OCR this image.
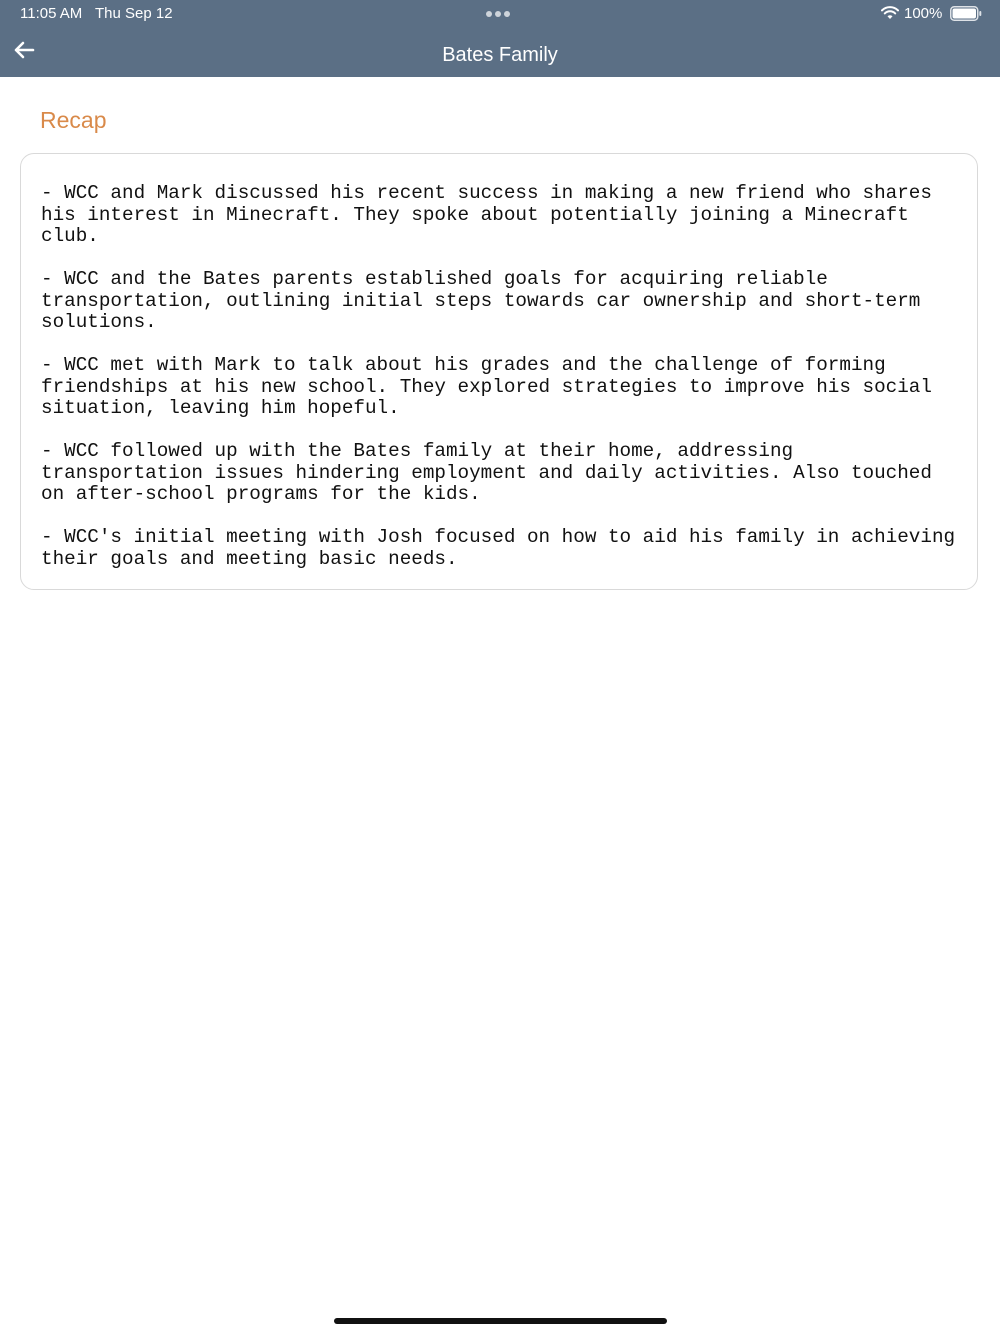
11:05 AM Thu Sep 12	100%
Bates Family
Recap
- WCC and Mark discussed his recent success in making a new friend who shares his interest in Minecraft. They spoke about potentially joining a Minecraft club.
- WCC and the Bates parents established goals for acquiring reliable transportation, outlining initial steps towards car ownership and short-term solutions.
- WCC met with Mark to talk about his grades and the challenge of forming friendships at his new school. They explored strategies to improve his social situation, leaving him hopeful.
- WCC followed up with the Bates family at their home, addressing transportation issues hindering employment and daily activities. Also touched on after-school programs for the kids.
- WCC's initial meeting with Josh focused on how to aid his family in achieving their goals and meeting basic needs.
